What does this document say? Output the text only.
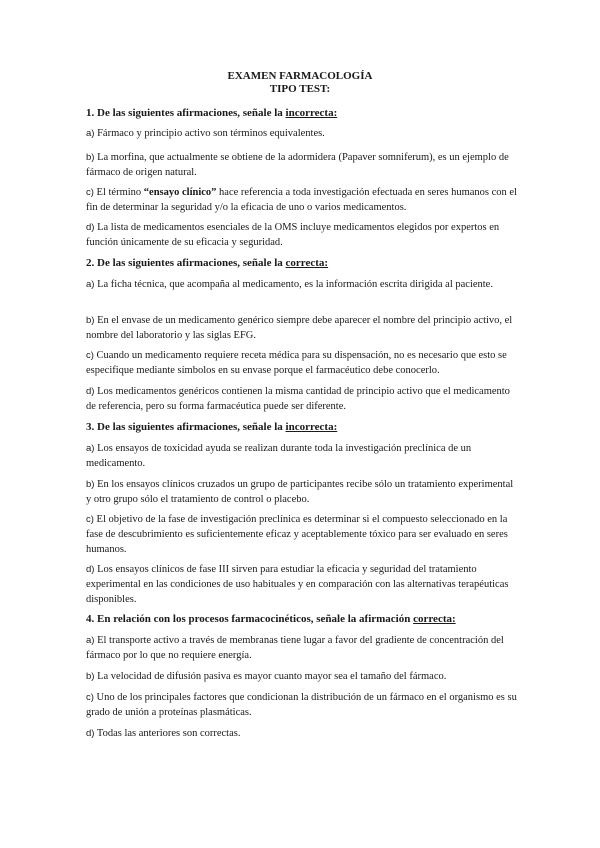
EXAMEN FARMACOLOGÍA
TIPO TEST:
1. De las siguientes afirmaciones, señale la incorrecta:
a) Fármaco y principio activo son términos equivalentes.
b) La morfina, que actualmente se obtiene de la adormidera (Papaver somniferum), es un ejemplo de fármaco de origen natural.
c) El término “ensayo clínico” hace referencia a toda investigación efectuada en seres humanos con el fin de determinar la seguridad y/o la eficacia de uno o varios medicamentos.
d) La lista de medicamentos esenciales de la OMS incluye medicamentos elegidos por expertos en función únicamente de su eficacia y seguridad.
2. De las siguientes afirmaciones, señale la correcta:
a) La ficha técnica, que acompaña al medicamento, es la información escrita dirigida al paciente.
b) En el envase de un medicamento genérico siempre debe aparecer el nombre del principio activo, el nombre del laboratorio y las siglas EFG.
c) Cuando un medicamento requiere receta médica para su dispensación, no es necesario que esto se especifique mediante símbolos en su envase porque el farmacéutico debe conocerlo.
d) Los medicamentos genéricos contienen la misma cantidad de principio activo que el medicamento de referencia, pero su forma farmacéutica puede ser diferente.
3. De las siguientes afirmaciones, señale la incorrecta:
a) Los ensayos de toxicidad ayuda se realizan durante toda la investigación preclínica de un medicamento.
b) En los ensayos clínicos cruzados un grupo de participantes recibe sólo un tratamiento experimental y otro grupo sólo el tratamiento de control o placebo.
c) El objetivo de la fase de investigación preclínica es determinar si el compuesto seleccionado en la fase de descubrimiento es suficientemente eficaz y aceptablemente tóxico para ser evaluado en seres humanos.
d) Los ensayos clínicos de fase III sirven para estudiar la eficacia y seguridad del tratamiento experimental en las condiciones de uso habituales y en comparación con las alternativas terapéuticas disponibles.
4. En relación con los procesos farmacocinéticos, señale la afirmación correcta:
a) El transporte activo a través de membranas tiene lugar a favor del gradiente de concentración del fármaco por lo que no requiere energía.
b) La velocidad de difusión pasiva es mayor cuanto mayor sea el tamaño del fármaco.
c) Uno de los principales factores que condicionan la distribución de un fármaco en el organismo es su grado de unión a proteínas plasmáticas.
d) Todas las anteriores son correctas.
